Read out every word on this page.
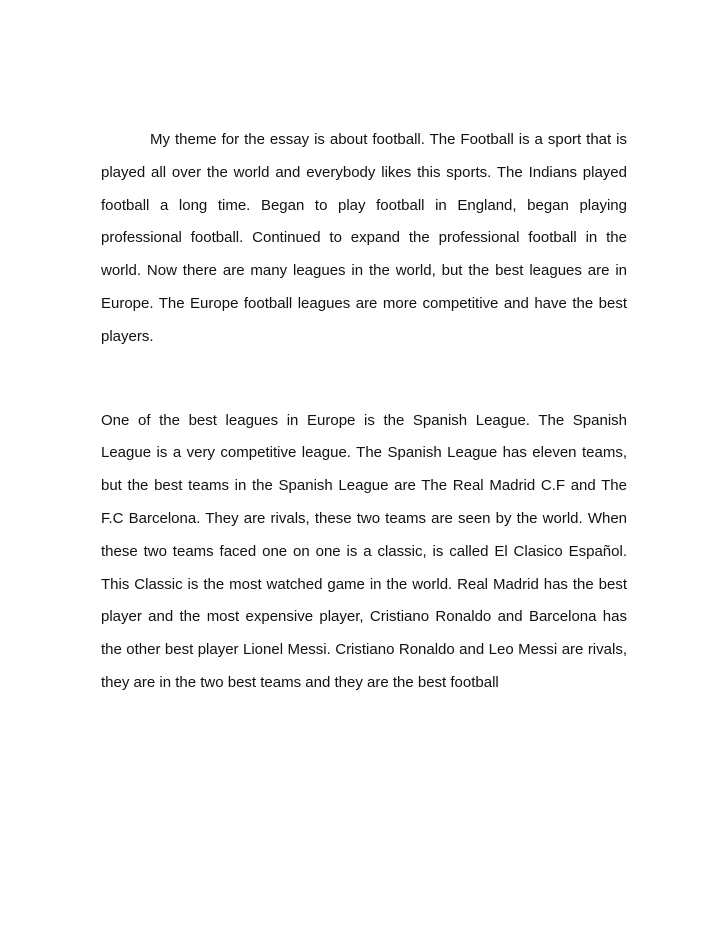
My theme for the essay is about football. The Football is a sport that is played all over the world and everybody likes this sports. The Indians played football a long time. Began to play football in England, began playing professional football. Continued to expand the professional football in the world. Now there are many leagues in the world, but the best leagues are in Europe. The Europe football leagues are more competitive and have the best players.

One of the best leagues in Europe is the Spanish League. The Spanish League is a very competitive league. The Spanish League has eleven teams, but the best teams in the Spanish League are The Real Madrid C.F and The F.C Barcelona. They are rivals, these two teams are seen by the world. When these two teams faced one on one is a classic, is called El Clasico Español. This Classic is the most watched game in the world. Real Madrid has the best player and the most expensive player, Cristiano Ronaldo and Barcelona has the other best player Lionel Messi. Cristiano Ronaldo and Leo Messi are rivals, they are in the two best teams and they are the best football
